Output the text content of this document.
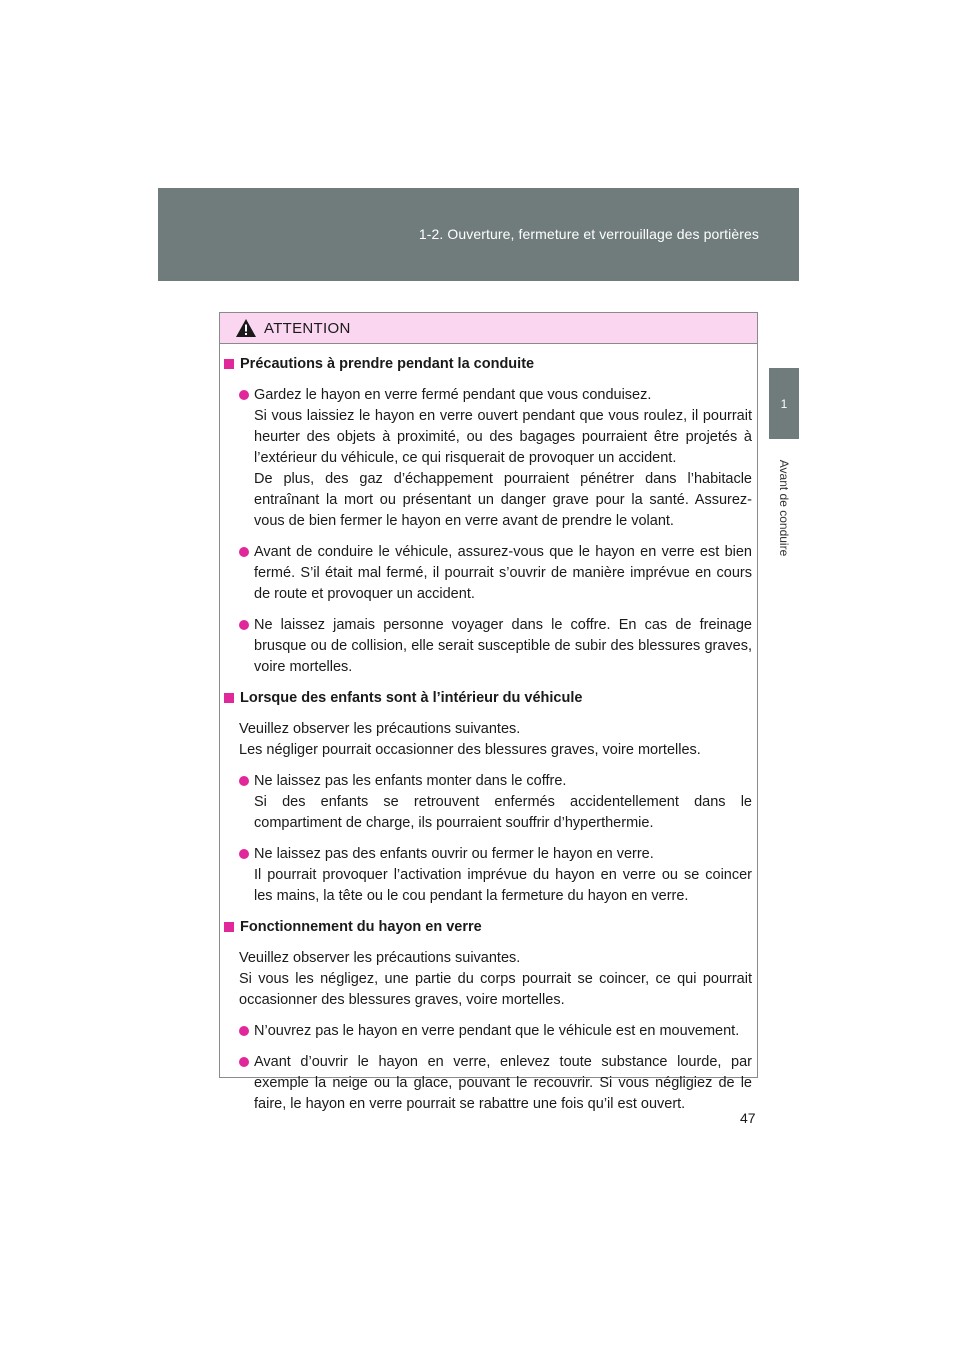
1-2. Ouverture, fermeture et verrouillage des portières
1
Avant de conduire
ATTENTION
Précautions à prendre pendant la conduite
Gardez le hayon en verre fermé pendant que vous conduisez.
Si vous laissiez le hayon en verre ouvert pendant que vous roulez, il pourrait heurter des objets à proximité, ou des bagages pourraient être projetés à l’extérieur du véhicule, ce qui risquerait de provoquer un accident.
De plus, des gaz d’échappement pourraient pénétrer dans l’habitacle entraînant la mort ou présentant un danger grave pour la santé. Assurez-vous de bien fermer le hayon en verre avant de prendre le volant.
Avant de conduire le véhicule, assurez-vous que le hayon en verre est bien fermé. S’il était mal fermé, il pourrait s’ouvrir de manière imprévue en cours de route et provoquer un accident.
Ne laissez jamais personne voyager dans le coffre. En cas de freinage brusque ou de collision, elle serait susceptible de subir des blessures graves, voire mortelles.
Lorsque des enfants sont à l’intérieur du véhicule
Veuillez observer les précautions suivantes.
Les négliger pourrait occasionner des blessures graves, voire mortelles.
Ne laissez pas les enfants monter dans le coffre.
Si des enfants se retrouvent enfermés accidentellement dans le compartiment de charge, ils pourraient souffrir d’hyperthermie.
Ne laissez pas des enfants ouvrir ou fermer le hayon en verre.
Il pourrait provoquer l’activation imprévue du hayon en verre ou se coincer les mains, la tête ou le cou pendant la fermeture du hayon en verre.
Fonctionnement du hayon en verre
Veuillez observer les précautions suivantes.
Si vous les négligez, une partie du corps pourrait se coincer, ce qui pourrait occasionner des blessures graves, voire mortelles.
N’ouvrez pas le hayon en verre pendant que le véhicule est en mouvement.
Avant d’ouvrir le hayon en verre, enlevez toute substance lourde, par exemple la neige ou la glace, pouvant le recouvrir. Si vous négligiez de le faire, le hayon en verre pourrait se rabattre une fois qu’il est ouvert.
47
